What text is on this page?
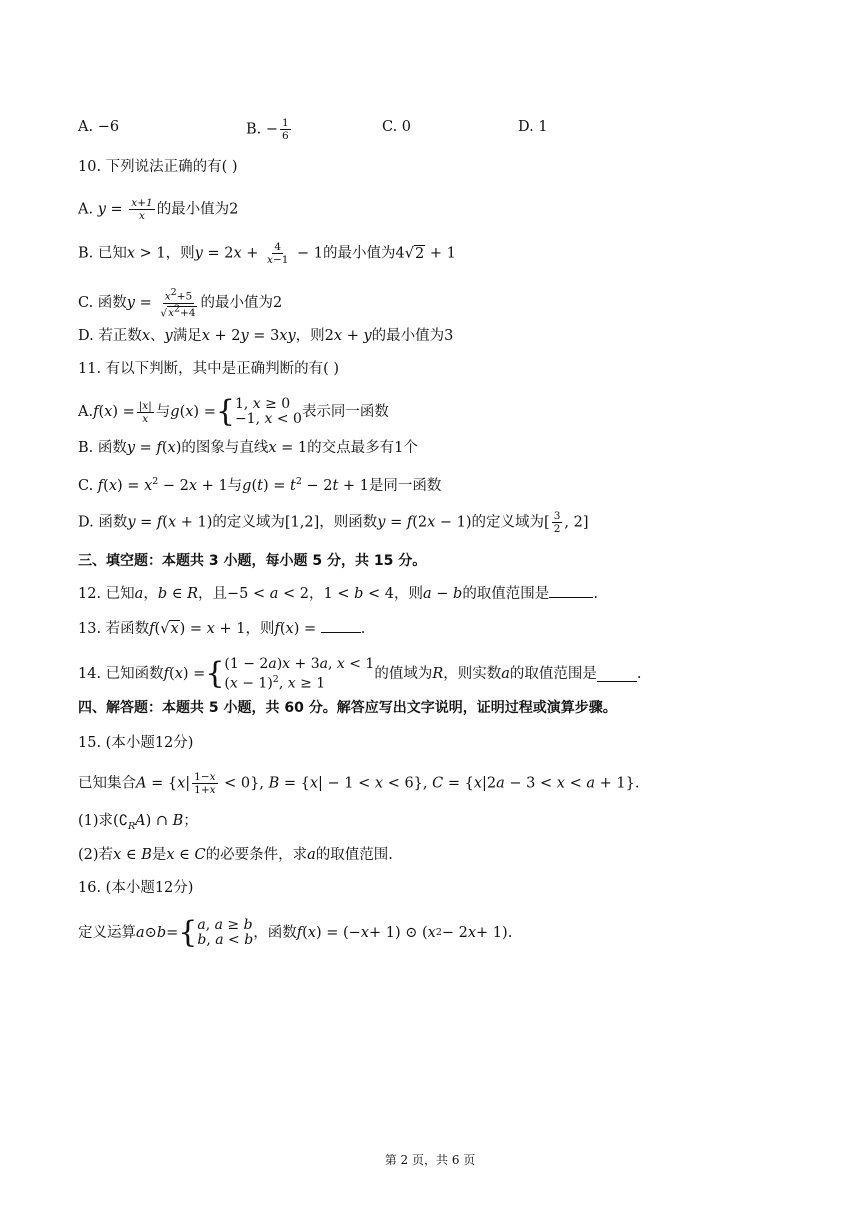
A. −6	B. − $\frac{1}{6}$	C. 0	D. 1
10. 下列说法正确的有( )
A. $y = \frac{x+1}{x}$ 的最小值为2
B. 已知x > 1，则$y = 2x + \frac{4}{x-1} - 1$的最小值为4√2 + 1
C. 函数$y = \frac{x^2+5}{√x^2+4}$ 的最小值为2
D. 若正数x、y满足x + 2y = 3xy，则2x + y的最小值为3
11. 有以下判断，其中是正确判断的有( )
A. f ( x ) = $\frac{|x|}{x}$ 与 g ( x ) = { 1, x ≥ 0
−1, x < 0 表示同一函数
B. 函数y = f(x)的图象与直线x = 1的交点最多有1个
C. $f(x) = x^2 - 2x + 1$与$g(t) = t^2 - 2t + 1$是同一函数
D. 函数y = f(x + 1)的定义域为[1,2]，则函数y = f(2x − 1)的定义域为[ $\frac{3}{2}$ , 2]
三、填空题：本题共 3 小题，每小题 5 分，共 15 分。
12. 已知a，b ∈ R，且−5 < a < 2，1 < b < 4，则a − b的取值范围是	.
13. 若函数f(√x) = x + 1，则f(x) =	.
14. 已知函数 f ( x ) = { (1 − 2a)x + 3a, x < 1
$(x - 1)^2$, x ≥ 1
的值域为 R ，则实数 a 的取值范围是	.
四、解答题：本题共 5 小题，共 60 分。解答应写出文字说明，证明过程或演算步骤。
15. (本小题12分)
已知集合$A = \{x| \frac{1-x}{1+x} < 0\}$, B = {x| − 1 < x < 6}, C = {x|2a − 3 < x < a + 1}.
(1)求$(∁_RA)$ ∩ B；
(2)若x ∈ B是x ∈ C的必要条件，求a的取值范围.
16. (本小题12分)
定义运算 a ⊙ b = { a, a ≥ b
b, a < b ，函数 f ( x ) = (− x + 1) ⊙ ( x 2 − 2 x + 1).
第 2 页，共 6 页
